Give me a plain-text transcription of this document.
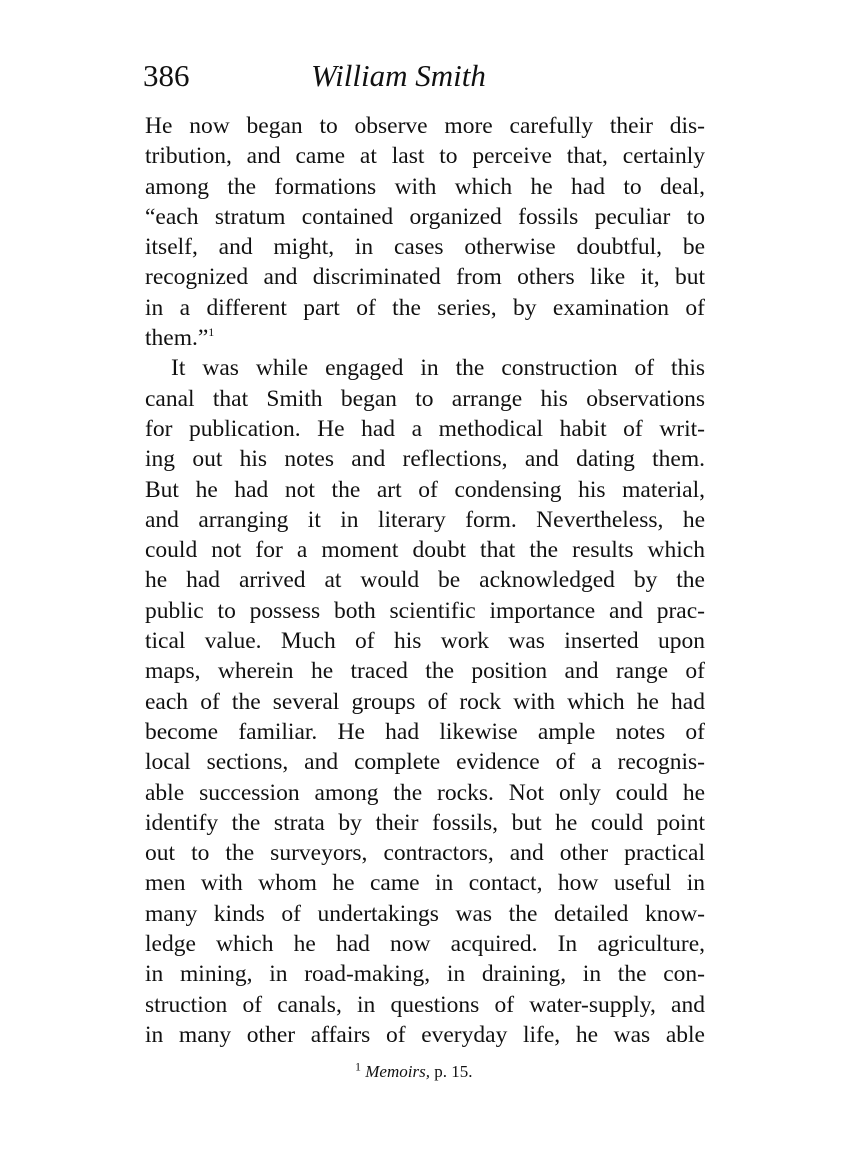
386	William Smith
He now began to observe more carefully their dis-
tribution, and came at last to perceive that, certainly
among the formations with which he had to deal,
“each stratum contained organized fossils peculiar to
itself, and might, in cases otherwise doubtful, be
recognized and discriminated from others like it, but
in a different part of the series, by examination of
them.”$^1$
It was while engaged in the construction of this
canal that Smith began to arrange his observations
for publication. He had a methodical habit of writ-
ing out his notes and reflections, and dating them.
But he had not the art of condensing his material,
and arranging it in literary form. Nevertheless, he
could not for a moment doubt that the results which
he had arrived at would be acknowledged by the
public to possess both scientific importance and prac-
tical value. Much of his work was inserted upon
maps, wherein he traced the position and range of
each of the several groups of rock with which he had
become familiar. He had likewise ample notes of
local sections, and complete evidence of a recognis-
able succession among the rocks. Not only could he
identify the strata by their fossils, but he could point
out to the surveyors, contractors, and other practical
men with whom he came in contact, how useful in
many kinds of undertakings was the detailed know-
ledge which he had now acquired. In agriculture,
in mining, in road-making, in draining, in the con-
struction of canals, in questions of water-supply, and
in many other affairs of everyday life, he was able
$^1$ Memoirs, p. 15.
